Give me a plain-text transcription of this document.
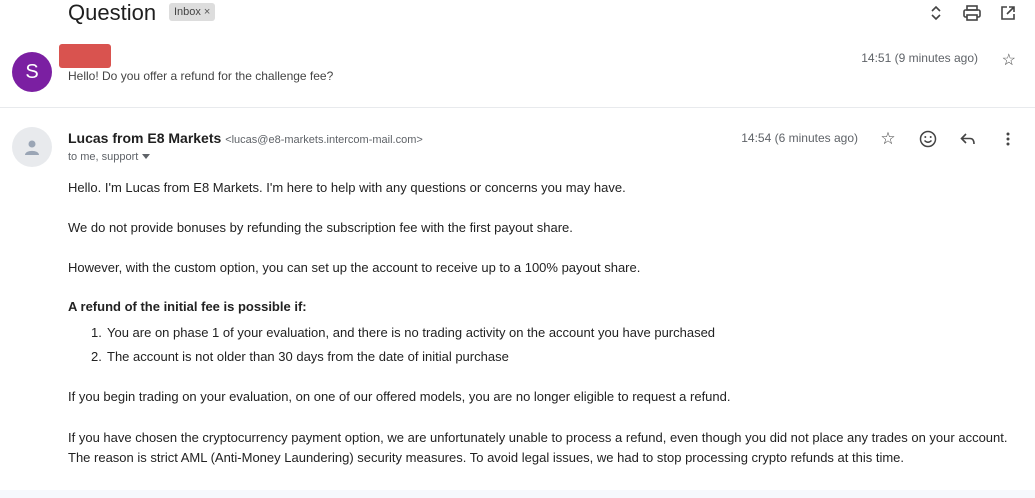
Question Inbox ×
S	Hello! Do you offer a refund for the challenge fee?
14:51 (9 minutes ago) ☆
Lucas from E8 Markets <lucas@e8-markets.intercom-mail.com>
to me, support
14:54 (6 minutes ago) ☆

Hello. I'm Lucas from E8 Markets. I'm here to help with any questions or concerns you may have.

We do not provide bonuses by refunding the subscription fee with the first payout share.

However, with the custom option, you can set up the account to receive up to a 100% payout share.

A refund of the initial fee is possible if:

1. You are on phase 1 of your evaluation, and there is no trading activity on the account you have purchased
2. The account is not older than 30 days from the date of initial purchase

If you begin trading on your evaluation, on one of our offered models, you are no longer eligible to request a refund.

If you have chosen the cryptocurrency payment option, we are unfortunately unable to process a refund, even though you did not place any trades on your account. The reason is strict AML (Anti-Money Laundering) security measures. To avoid legal issues, we had to stop processing crypto refunds at this time.
